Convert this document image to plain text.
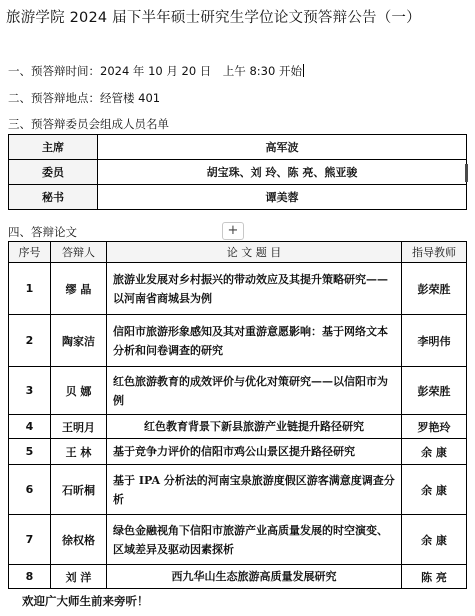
旅游学院 2024 届下半年硕士研究生学位论文预答辩公告（一）
一、预答辩时间：2024 年 10 月 20 日　上午 8:30 开始
二、预答辩地点：经管楼 401
三、预答辩委员会组成人员名单
主席	高军波
委员	胡宝珠、刘 玲、陈 亮、熊亚骏
秘书	谭美蓉
四、答辩论文	+
序号	答辩人	论 文 题 目	指导教师
1	缪 晶	旅游业发展对乡村振兴的带动效应及其提升策略研究——以河南省商城县为例	彭荣胜
2	陶家洁	信阳市旅游形象感知及其对重游意愿影响：基于网络文本分析和问卷调查的研究	李明伟
3	贝 娜	红色旅游教育的成效评价与优化对策研究——以信阳市为例	彭荣胜
4	王明月	红色教育背景下新县旅游产业链提升路径研究	罗艳玲
5	王 林	基于竞争力评价的信阳市鸡公山景区提升路径研究	余 康
6	石昕桐	基于 IPA 分析法的河南宝泉旅游度假区游客满意度调查分析	余 康
7	徐权格	绿色金融视角下信阳市旅游产业高质量发展的时空演变、区域差异及驱动因素探析	余 康
8	刘 洋	西九华山生态旅游高质量发展研究	陈 亮
欢迎广大师生前来旁听！
